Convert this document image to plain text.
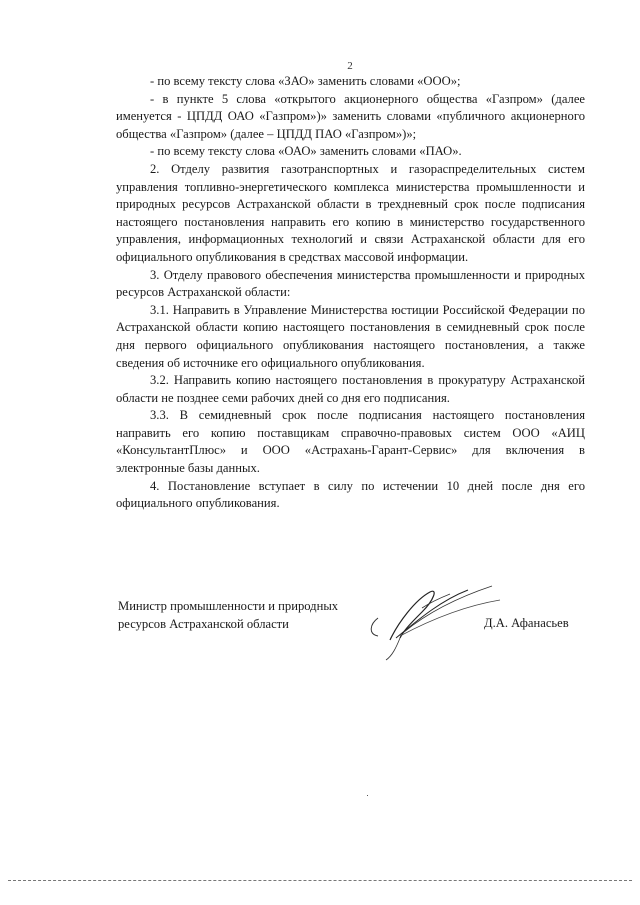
2

- по всему тексту слова «ЗАО» заменить словами «ООО»;

- в пункте 5 слова «открытого акционерного общества «Газпром» (далее именуется - ЦПДД ОАО «Газпром»)» заменить словами «публичного акционерного общества «Газпром» (далее – ЦПДД ПАО «Газпром»)»;

- по всему тексту слова «ОАО» заменить словами «ПАО».

2. Отделу развития газотранспортных и газораспределительных систем управления топливно-энергетического комплекса министерства промышленности и природных ресурсов Астраханской области в трехдневный срок после подписания настоящего постановления направить его копию в министерство государственного управления, информационных технологий и связи Астраханской области для его официального опубликования в средствах массовой информации.

3. Отделу правового обеспечения министерства промышленности и природных ресурсов Астраханской области:

3.1. Направить в Управление Министерства юстиции Российской Федерации по Астраханской области копию настоящего постановления в семидневный срок после дня первого официального опубликования настоящего постановления, а также сведения об источнике его официального опубликования.

3.2. Направить копию настоящего постановления в прокуратуру Астраханской области не позднее семи рабочих дней со дня его подписания.

3.3. В семидневный срок после подписания настоящего постановления направить его копию поставщикам справочно-правовых систем ООО «АИЦ «КонсультантПлюс» и ООО «Астрахань-Гарант-Сервис» для включения в электронные базы данных.

4. Постановление вступает в силу по истечении 10 дней после дня его официального опубликования.

Министр промышленности и природных
ресурсов Астраханской области	Д.А. Афанасьев
